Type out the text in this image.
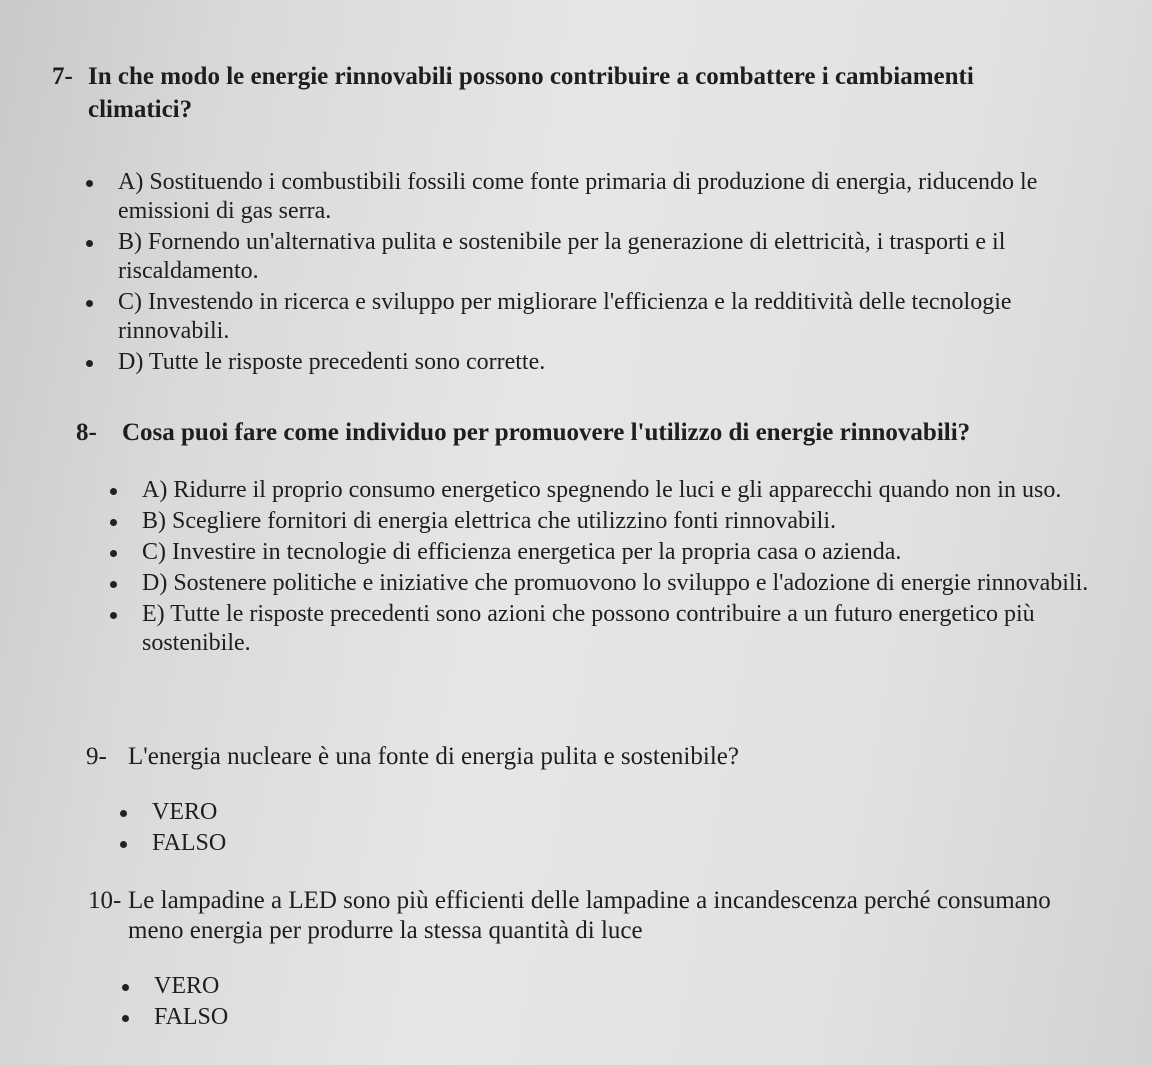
7- In che modo le energie rinnovabili possono contribuire a combattere i cambiamenti climatici?
A) Sostituendo i combustibili fossili come fonte primaria di produzione di energia, riducendo le emissioni di gas serra.
B) Fornendo un'alternativa pulita e sostenibile per la generazione di elettricità, i trasporti e il riscaldamento.
C) Investendo in ricerca e sviluppo per migliorare l'efficienza e la redditività delle tecnologie rinnovabili.
D) Tutte le risposte precedenti sono corrette.
8-	Cosa puoi fare come individuo per promuovere l'utilizzo di energie rinnovabili?
A) Ridurre il proprio consumo energetico spegnendo le luci e gli apparecchi quando non in uso.
B) Scegliere fornitori di energia elettrica che utilizzino fonti rinnovabili.
C) Investire in tecnologie di efficienza energetica per la propria casa o azienda.
D) Sostenere politiche e iniziative che promuovono lo sviluppo e l'adozione di energie rinnovabili.
E) Tutte le risposte precedenti sono azioni che possono contribuire a un futuro energetico più sostenibile.
9- L'energia nucleare è una fonte di energia pulita e sostenibile?
VERO
FALSO
10- Le lampadine a LED sono più efficienti delle lampadine a incandescenza perché consumano meno energia per produrre la stessa quantità di luce
VERO
FALSO
